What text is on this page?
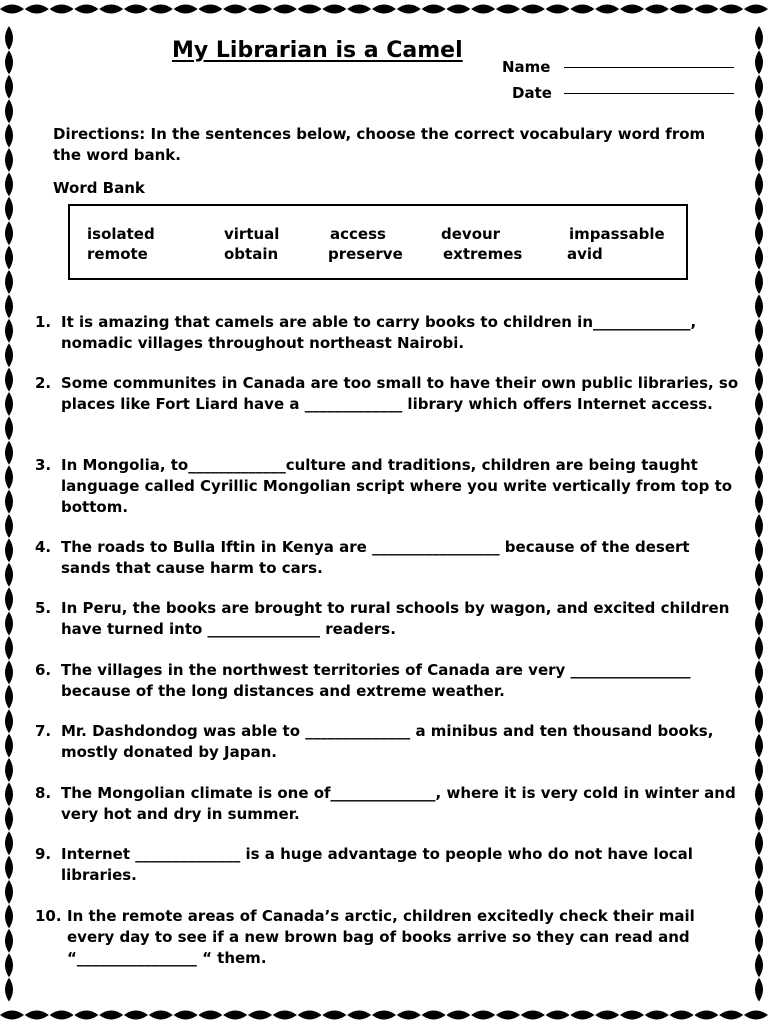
My Librarian is a Camel
Name
Date
Directions: In the sentences below, choose the correct vocabulary word from the word bank.
Word Bank
isolated	virtual	access	devour	impassable
remote	obtain	preserve	extremes	avid
1. It is amazing that camels are able to carry books to children in_____________, nomadic villages throughout northeast Nairobi.
2. Some communites in Canada are too small to have their own public libraries, so places like Fort Liard have a _____________ library which offers Internet access.
3. In Mongolia, to_____________culture and traditions, children are being taught language called Cyrillic Mongolian script where you write vertically from top to bottom.
4. The roads to Bulla Iftin in Kenya are _________________ because of the desert sands that cause harm to cars.
5. In Peru, the books are brought to rural schools by wagon, and excited children have turned into _______________ readers.
6. The villages in the northwest territories of Canada are very ________________ because of the long distances and extreme weather.
7. Mr. Dashdondog was able to ______________ a minibus and ten thousand books, mostly donated by Japan.
8. The Mongolian climate is one of______________, where it is very cold in winter and very hot and dry in summer.
9. Internet ______________ is a huge advantage to people who do not have local libraries.
10. In the remote areas of Canada’s arctic, children excitedly check their mail every day to see if a new brown bag of books arrive so they can read and “________________ “ them.
